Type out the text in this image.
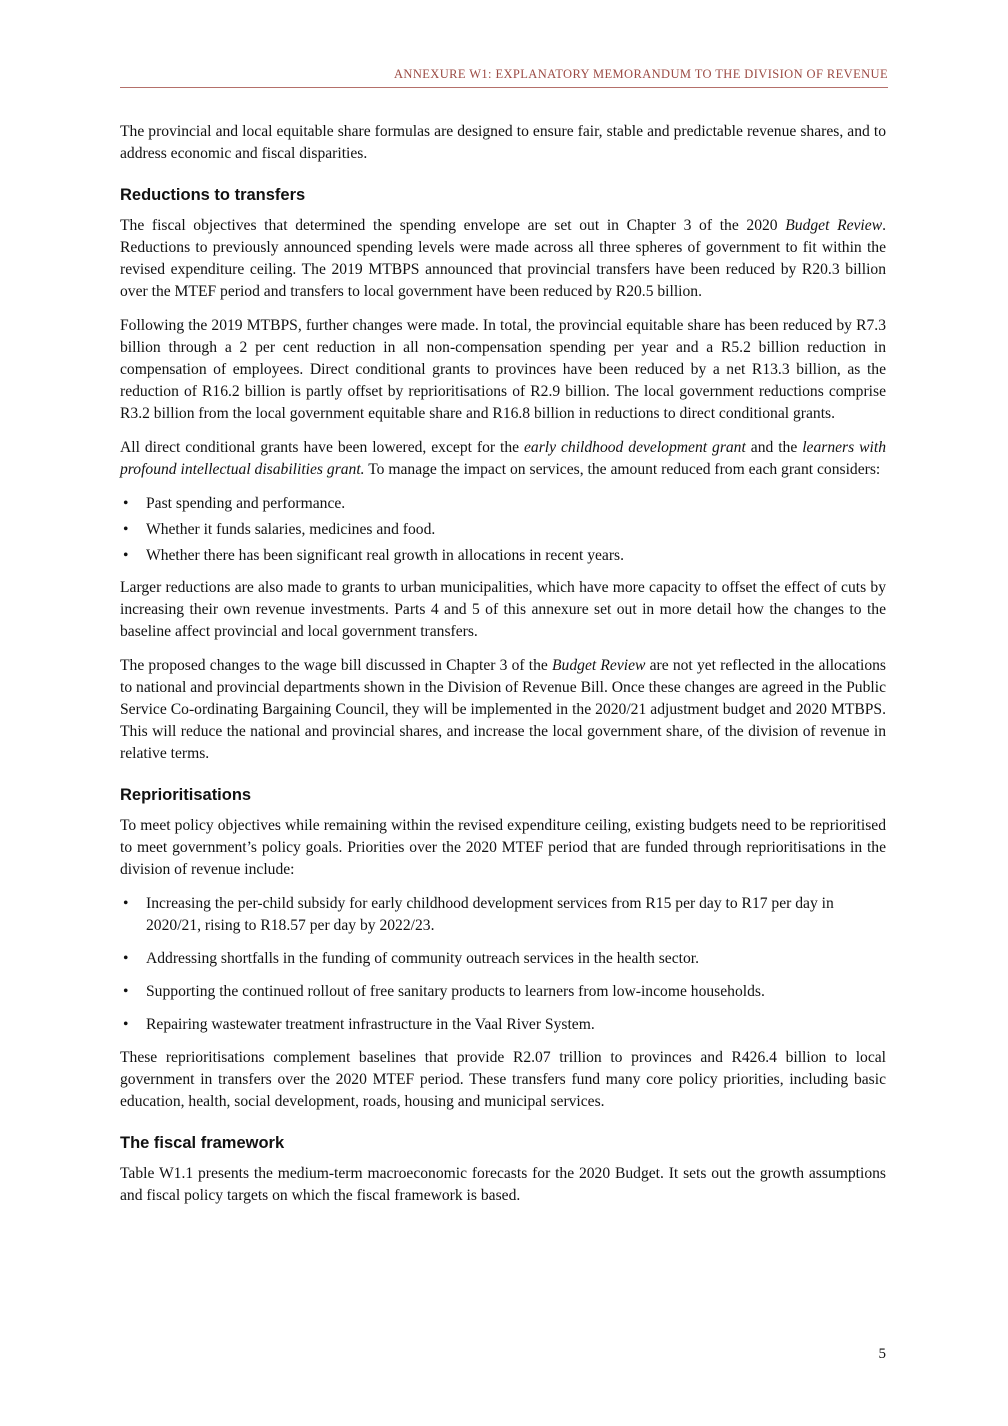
ANNEXURE W1: EXPLANATORY MEMORANDUM TO THE DIVISION OF REVENUE

The provincial and local equitable share formulas are designed to ensure fair, stable and predictable revenue shares, and to address economic and fiscal disparities.

Reductions to transfers

The fiscal objectives that determined the spending envelope are set out in Chapter 3 of the 2020 Budget Review. Reductions to previously announced spending levels were made across all three spheres of government to fit within the revised expenditure ceiling. The 2019 MTBPS announced that provincial transfers have been reduced by R20.3 billion over the MTEF period and transfers to local government have been reduced by R20.5 billion.

Following the 2019 MTBPS, further changes were made. In total, the provincial equitable share has been reduced by R7.3 billion through a 2 per cent reduction in all non-compensation spending per year and a R5.2 billion reduction in compensation of employees. Direct conditional grants to provinces have been reduced by a net R13.3 billion, as the reduction of R16.2 billion is partly offset by reprioritisations of R2.9 billion. The local government reductions comprise R3.2 billion from the local government equitable share and R16.8 billion in reductions to direct conditional grants.

All direct conditional grants have been lowered, except for the early childhood development grant and the learners with profound intellectual disabilities grant. To manage the impact on services, the amount reduced from each grant considers:

• Past spending and performance.
• Whether it funds salaries, medicines and food.
• Whether there has been significant real growth in allocations in recent years.

Larger reductions are also made to grants to urban municipalities, which have more capacity to offset the effect of cuts by increasing their own revenue investments. Parts 4 and 5 of this annexure set out in more detail how the changes to the baseline affect provincial and local government transfers.

The proposed changes to the wage bill discussed in Chapter 3 of the Budget Review are not yet reflected in the allocations to national and provincial departments shown in the Division of Revenue Bill. Once these changes are agreed in the Public Service Co-ordinating Bargaining Council, they will be implemented in the 2020/21 adjustment budget and 2020 MTBPS. This will reduce the national and provincial shares, and increase the local government share, of the division of revenue in relative terms.

Reprioritisations

To meet policy objectives while remaining within the revised expenditure ceiling, existing budgets need to be reprioritised to meet government’s policy goals. Priorities over the 2020 MTEF period that are funded through reprioritisations in the division of revenue include:

• Increasing the per-child subsidy for early childhood development services from R15 per day to R17 per day in 2020/21, rising to R18.57 per day by 2022/23.
• Addressing shortfalls in the funding of community outreach services in the health sector.
• Supporting the continued rollout of free sanitary products to learners from low-income households.
• Repairing wastewater treatment infrastructure in the Vaal River System.

These reprioritisations complement baselines that provide R2.07 trillion to provinces and R426.4 billion to local government in transfers over the 2020 MTEF period. These transfers fund many core policy priorities, including basic education, health, social development, roads, housing and municipal services.

The fiscal framework

Table W1.1 presents the medium-term macroeconomic forecasts for the 2020 Budget. It sets out the growth assumptions and fiscal policy targets on which the fiscal framework is based.

5
